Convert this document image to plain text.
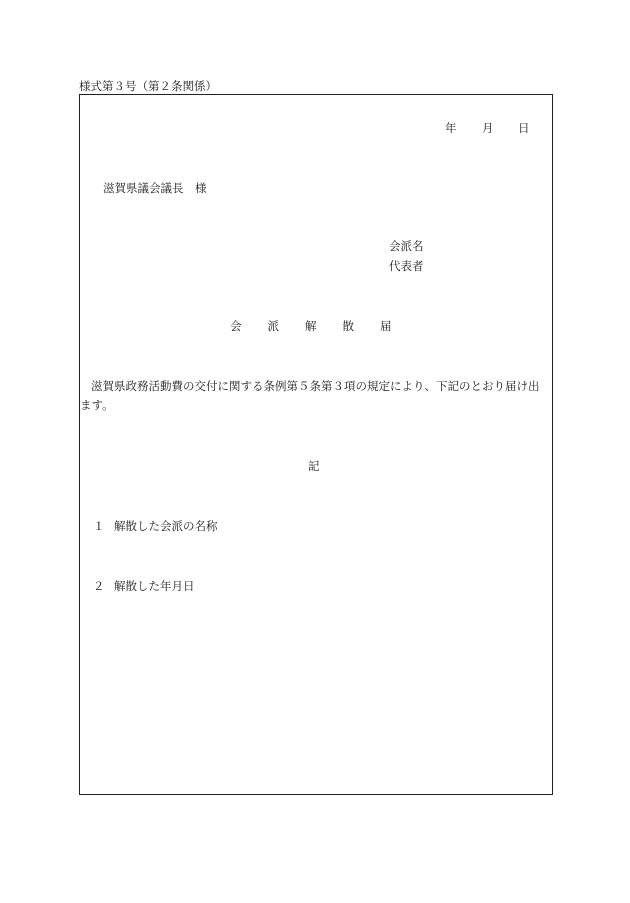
様式第３号（第２条関係）
年 月 日
滋賀県議会議長　様
会派名
代表者
会 派 解 散 届
滋賀県政務活動費の交付に関する条例第５条第３項の規定により、下記のとおり届け出
ます。
記
１ 解散した会派の名称
２ 解散した年月日
